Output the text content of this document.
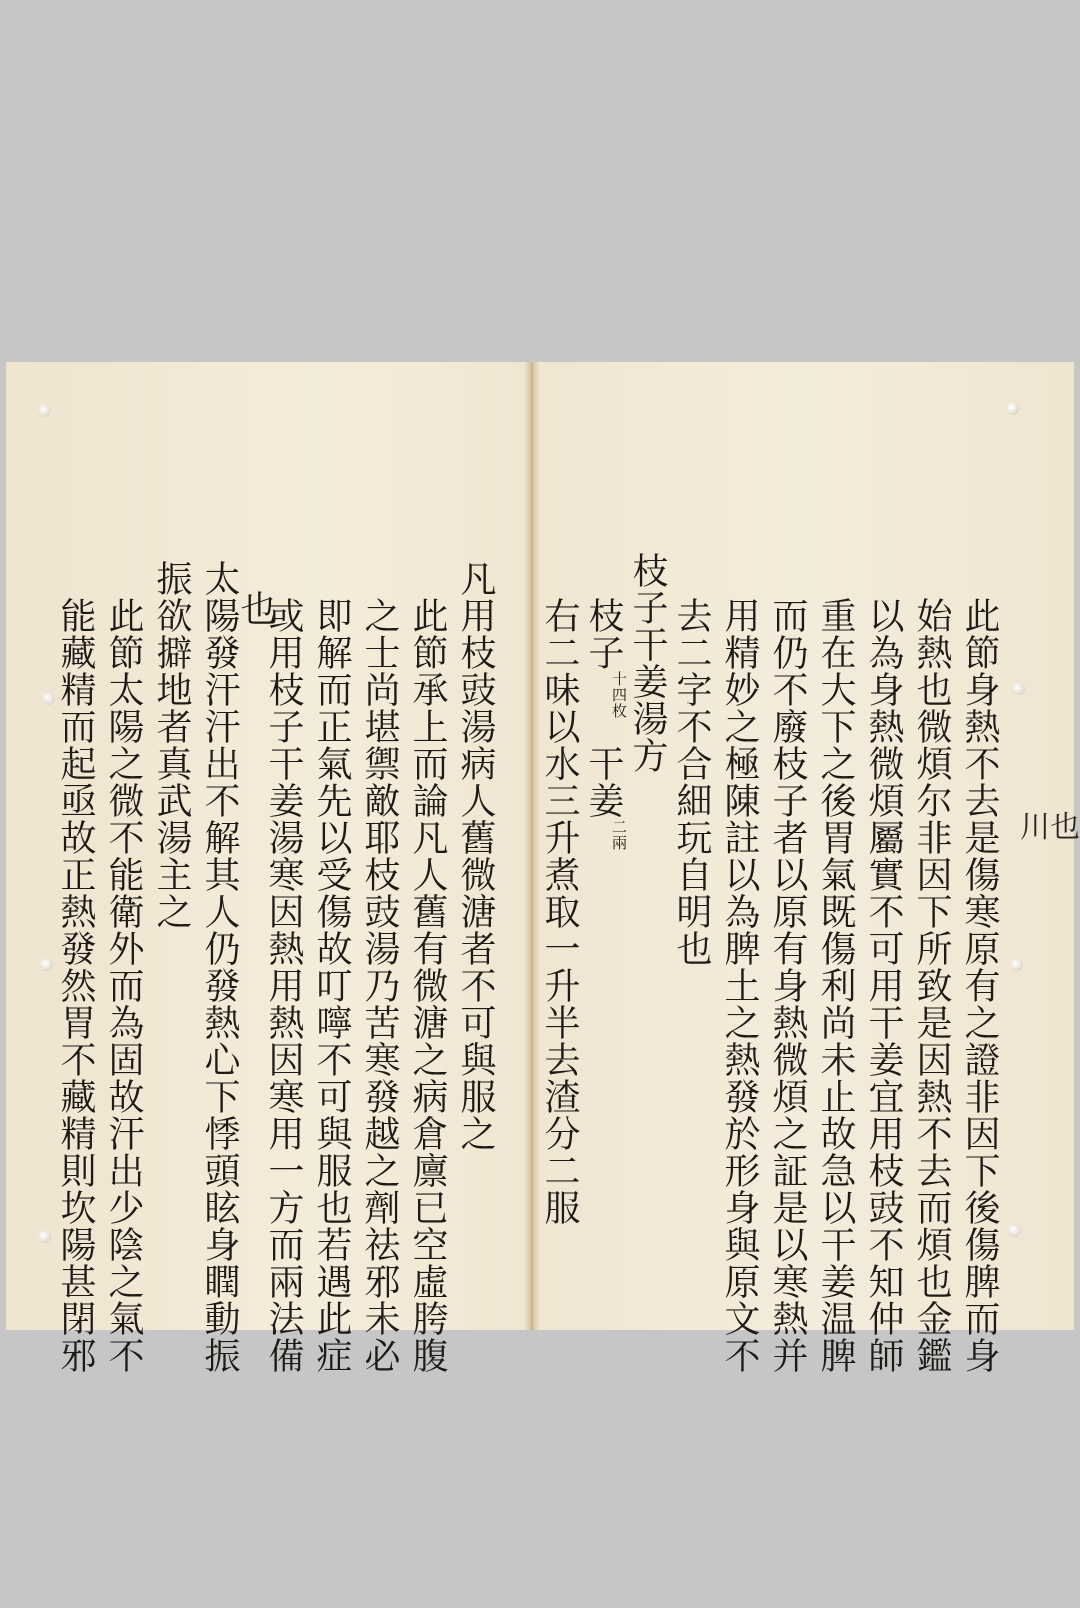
此節身熱不去是傷寒原有之證非因下後傷脾而身
始熱也微煩尔非因下所致是因熱不去而煩也金鑑
以為身熱微煩屬實不可用干姜宜用枝豉不知仲師
重在大下之後胃氣既傷利尚未止故急以干姜温脾
而仍不廢枝子者以原有身熱微煩之証是以寒熱并
用精妙之極陳註以為脾土之熱發於形身與原文不
去二字不合細玩自明也
枝子干姜湯方
枝子十四枚干姜二兩
右二味以水三升煮取一升半去渣分二服
凡用枝豉湯病人舊微溏者不可與服之
此節承上而論凡人舊有微溏之病倉廪已空虛胯腹
之士尚堪禦敵耶枝豉湯乃苦寒發越之劑祛邪未必
即解而正氣先以受傷故叮嚀不可與服也若遇此症
或用枝子干姜湯寒因熱用熱因寒用一方而兩法備
也
太陽發汗汗出不解其人仍發熱心下悸頭眩身瞤動振
振欲擗地者真武湯主之
此節太陽之微不能衛外而為固故汗出少陰之氣不
能藏精而起亟故正熱發然胃不藏精則坎陽甚閉邪	川也
